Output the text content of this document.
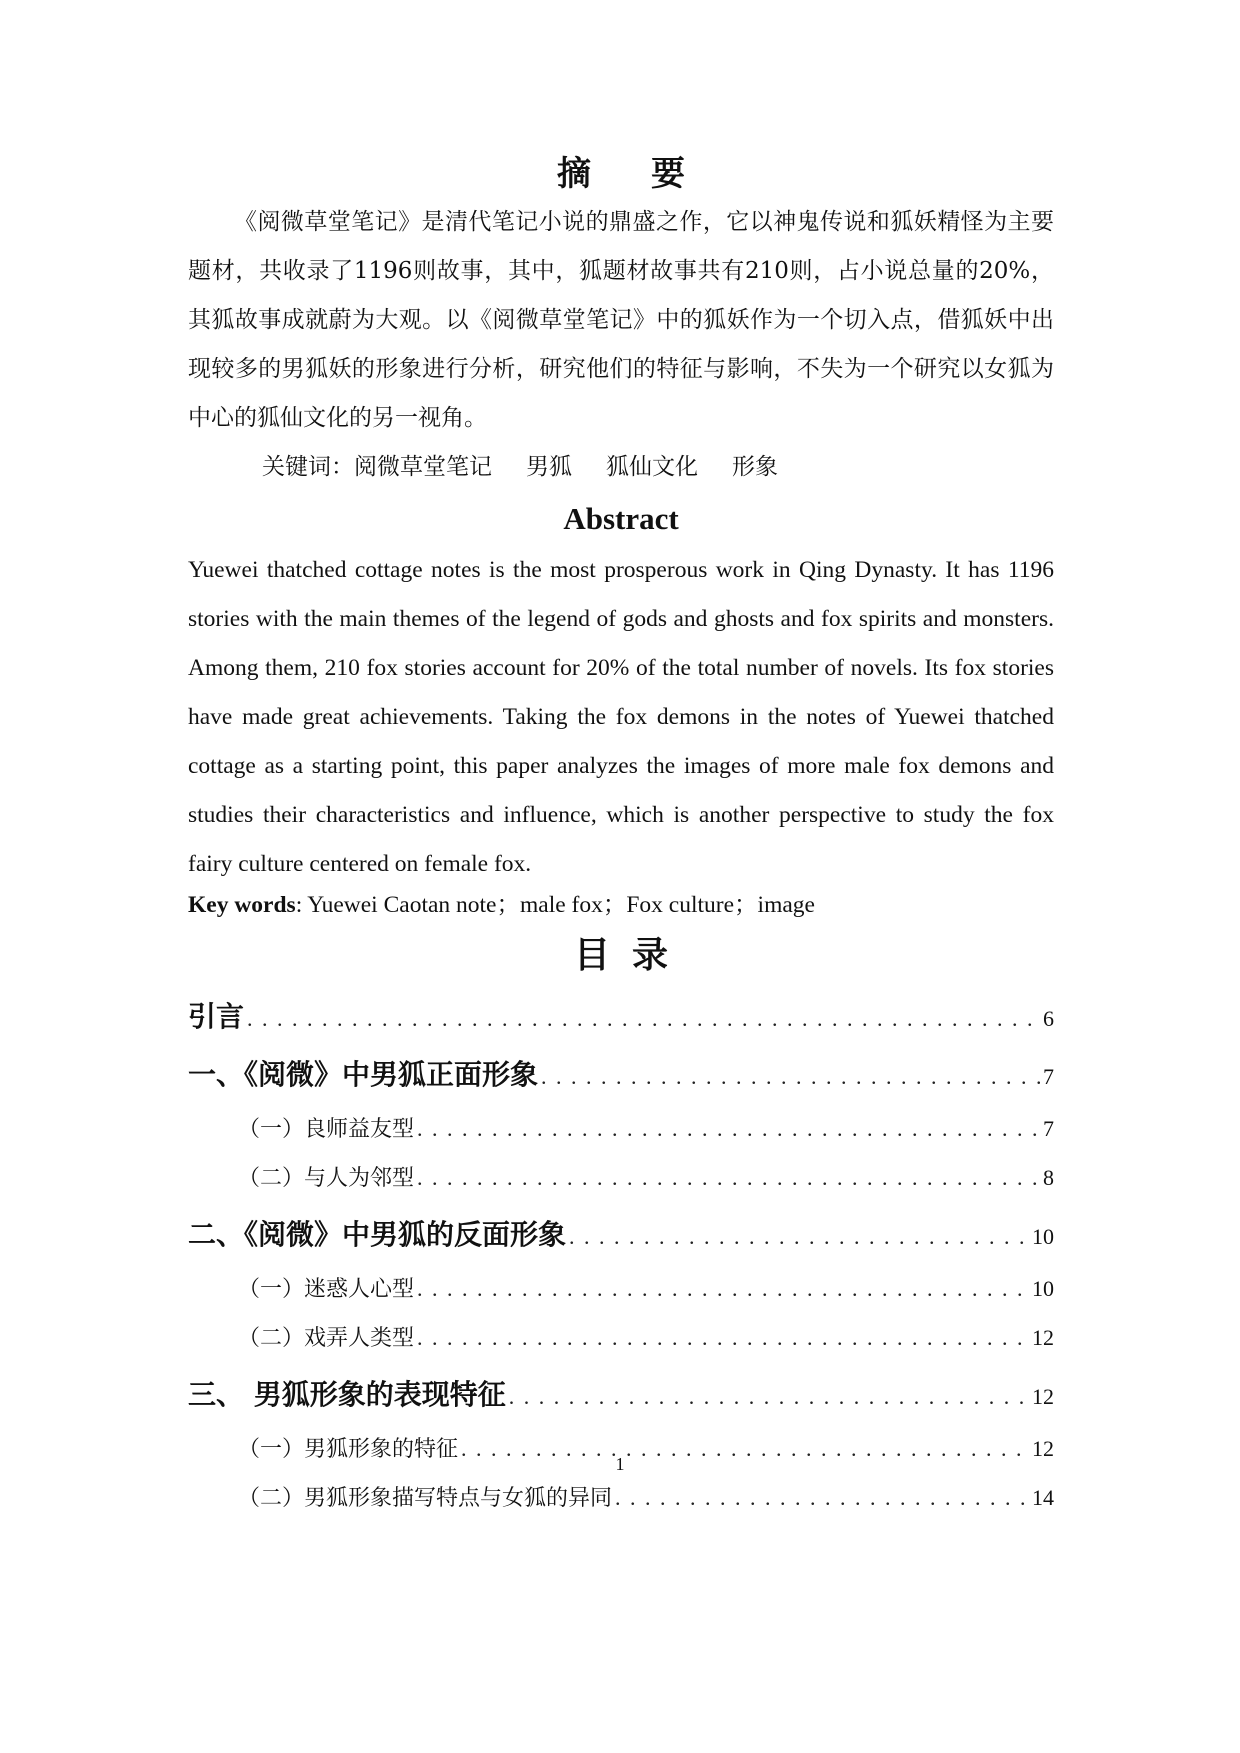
摘要

《阅微草堂笔记》是清代笔记小说的鼎盛之作，它以神鬼传说和狐妖精怪为主要题材，共收录了1196则故事，其中，狐题材故事共有210则，占小说总量的20%，其狐故事成就蔚为大观。以《阅微草堂笔记》中的狐妖作为一个切入点，借狐妖中出现较多的男狐妖的形象进行分析，研究他们的特征与影响，不失为一个研究以女狐为中心的狐仙文化的另一视角。

关键词：阅微草堂笔记 男狐 狐仙文化 形象

Abstract

Yuewei thatched cottage notes is the most prosperous work in Qing Dynasty. It has 1196 stories with the main themes of the legend of gods and ghosts and fox spirits and monsters. Among them, 210 fox stories account for 20% of the total number of novels. Its fox stories have made great achievements. Taking the fox demons in the notes of Yuewei thatched cottage as a starting point, this paper analyzes the images of more male fox demons and studies their characteristics and influence, which is another perspective to study the fox fairy culture centered on female fox.

Key words: Yuewei Caotan note；male fox；Fox culture；image

目录
引言 . . .	6
一、《阅微》中男狐正面形象 . . .	7
（一）良师益友型 . . .	7
（二）与人为邻型 . . .	8
二、《阅微》中男狐的反面形象 . . .	10
（一）迷惑人心型 . . .	10
（二）戏弄人类型 . . .	12
三、 男狐形象的表现特征 . . .	12
（一）男狐形象的特征 . . .	12
（二）男狐形象描写特点与女狐的异同 . . .	14
1
